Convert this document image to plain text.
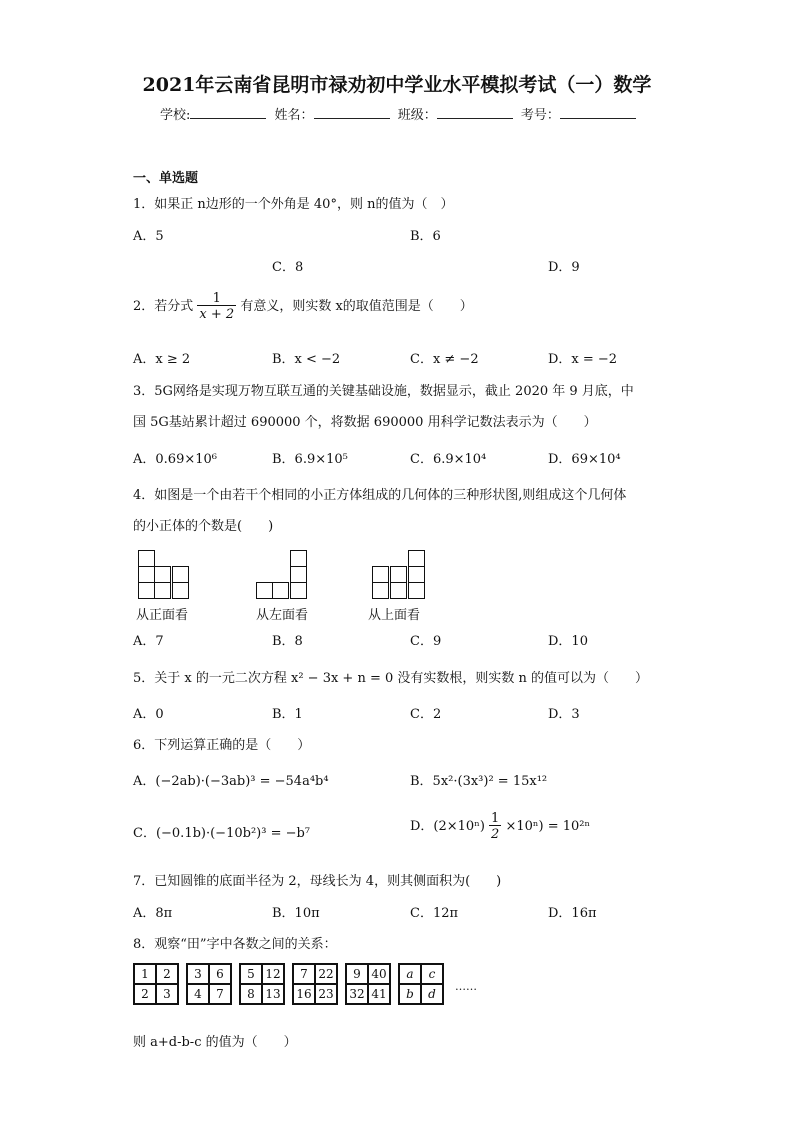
2021年云南省昆明市禄劝初中学业水平模拟考试（一）数学
学校:	姓名：	班级：	考号：
一、单选题
1．如果正 n边形的一个外角是 40°，则 n的值为（　）
A．5	B．6
C．8	D．9
2．若分式 $\frac{1}{x + 2}$ 有意义，则实数 x的取值范围是（　　）
A．x ≥ 2	B．x < −2	C．x ≠ −2	D．x = −2
3．5G网络是实现万物互联互通的关键基础设施，数据显示，截止 2020 年 9 月底，中
国 5G基站累计超过 690000 个，将数据 690000 用科学记数法表示为（　　）
A．0.69×10⁶	B．6.9×10⁵	C．6.9×10⁴	D．69×10⁴
4．如图是一个由若干个相同的小正方体组成的几何体的三种形状图,则组成这个几何体
的小正体的个数是(　　)
从正面看	从左面看	从上面看
A．7	B．8	C．9	D．10
5．关于 x 的一元二次方程 x² − 3x + n = 0 没有实数根，则实数 n 的值可以为（　　）
A．0	B．1	C．2	D．3
6．下列运算正确的是（　　）
A．(−2ab)·(−3ab)³ = −54a⁴b⁴	B．5x²·(3x³)² = 15x¹²
C．(−0.1b)·(−10b²)³ = −b⁷	D．$(2\times 10^n) \frac{1}{2} \times 10^n) = 10^{2n}$
7．已知圆锥的底面半径为 2，母线长为 4，则其侧面积为(　　)
A．8π	B．10π	C．12π	D．16π
8．观察“田”字中各数之间的关系：
1	2
2	3
3	6
4	7
5 12
8 13
7 22
16 23
9 40
32 41
a	c
b	d
……
则 a+d-b-c 的值为（　　）
